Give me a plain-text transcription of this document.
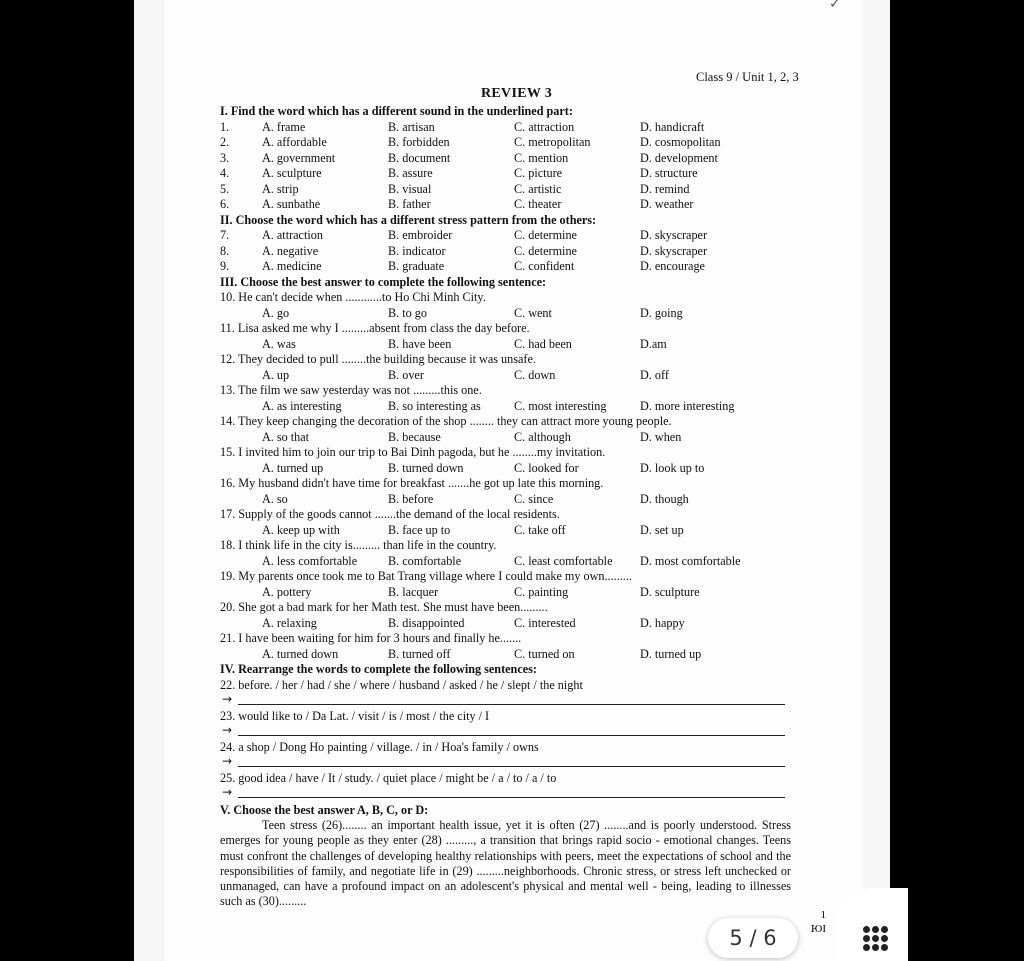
Class 9 / Unit 1, 2, 3
REVIEW 3
I. Find the word which has a different sound in the underlined part:
1.	A. frame	B. artisan	C. attraction	D. handicraft
2.	A. affordable	B. forbidden	C. metropolitan	D. cosmopolitan
3.	A. government	B. document	C. mention	D. development
4.	A. sculpture	B. assure	C. picture	D. structure
5.	A. strip	B. visual	C. artistic	D. remind
6.	A. sunbathe	B. father	C. theater	D. weather
II. Choose the word which has a different stress pattern from the others:
7.	A. attraction	B. embroider	C. determine	D. skyscraper
8.	A. negative	B. indicator	C. determine	D. skyscraper
9.	A. medicine	B. graduate	C. confident	D. encourage
III. Choose the best answer to complete the following sentence:
10. He can't decide when ............to Ho Chi Minh City.
A. go	B. to go	C. went	D. going
11. Lisa asked me why I .........absent from class the day before.
A. was	B. have been	C. had been	D.am
12. They decided to pull ........the building because it was unsafe.
A. up	B. over	C. down	D. off
13. The film we saw yesterday was not .........this one.
A. as interesting	B. so interesting as	C. most interesting	D. more interesting
14. They keep changing the decoration of the shop ........ they can attract more young people.
A. so that	B. because	C. although	D. when
15. I invited him to join our trip to Bai Dinh pagoda, but he ........my invitation.
A. turned up	B. turned down	C. looked for	D. look up to
16. My husband didn't have time for breakfast .......he got up late this morning.
A. so	B. before	C. since	D. though
17. Supply of the goods cannot .......the demand of the local residents.
A. keep up with	B. face up to	C. take off	D. set up
18. I think life in the city is......... than life in the country.
A. less comfortable	B. comfortable	C. least comfortable D. most comfortable
19. My parents once took me to Bat Trang village where I could make my own.........
A. pottery	B. lacquer	C. painting	D. sculpture
20. She got a bad mark for her Math test. She must have been.........
A. relaxing	B. disappointed	C. interested	D. happy
21. I have been waiting for him for 3 hours and finally he.......
A. turned down	B. turned off	C. turned on	D. turned up
IV. Rearrange the words to complete the following sentences:
22. before. / her / had / she / where / husband / asked / he / slept / the night
→
23. would like to / Da Lat. / visit / is / most / the city / I
→
24. a shop / Dong Ho painting / village. / in / Hoa's family / owns
→
25. good idea / have / It / study. / quiet place / might be / a / to / a / to
→
V. Choose the best answer A, B, C, or D:
Teen stress (26)........ an important health issue, yet it is often (27) ........and is poorly understood. Stress emerges for young people as they enter (28) ........., a transition that brings rapid socio - emotional changes. Teens must confront the challenges of developing healthy relationships with peers, meet the expectations of school and the responsibilities of family, and negotiate life in (29) .........neighborhoods. Chronic stress, or stress left unchecked or unmanaged, can have a profound impact on an adolescent's physical and mental well - being, leading to illnesses such as (30).........
✓
5 / 6
1
ЮI
